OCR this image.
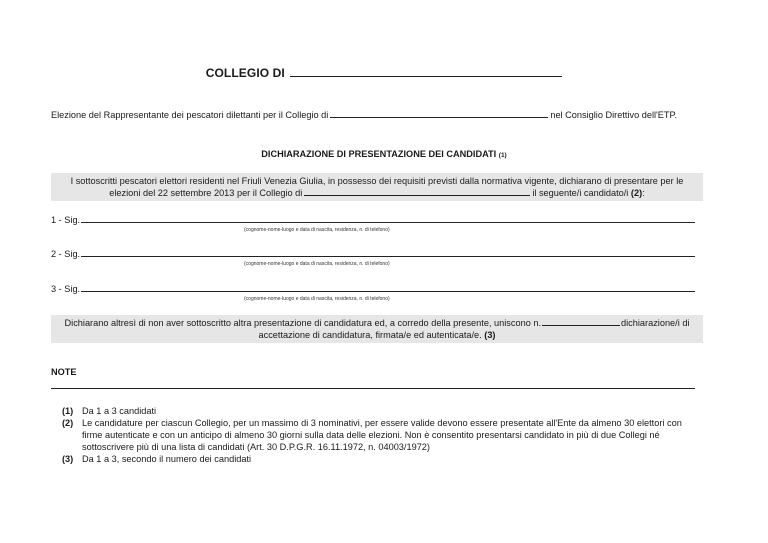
COLLEGIO DI
Elezione del Rappresentante dei pescatori dilettanti per il Collegio di	nel Consiglio Direttivo dell'ETP.
DICHIARAZIONE DI PRESENTAZIONE DEI CANDIDATI (1)
I sottoscritti pescatori elettori residenti nel Friuli Venezia Giulia, in possesso dei requisiti previsti dalla normativa vigente, dichiarano di presentare per le
elezioni del 22 settembre 2013 per il Collegio di	il seguente/i candidato/i (2):
1 - Sig.
(cognome-nome-luogo e data di nascita, residenza, n. di telefono)
2 - Sig.
(cognome-nome-luogo e data di nascita, residenza, n. di telefono)
3 - Sig.
(cognome-nome-luogo e data di nascita, residenza, n. di telefono)
Dichiarano altresì di non aver sottoscritto altra presentazione di candidatura ed, a corredo della presente, uniscono n.	dichiarazione/i di
accettazione di candidatura, firmata/e ed autenticata/e. (3)
NOTE
(1) Da 1 a 3 candidati
(2) Le candidature per ciascun Collegio, per un massimo di 3 nominativi, per essere valide devono essere presentate all'Ente da almeno 30 elettori con firme autenticate e con un anticipo di almeno 30 giorni sulla data delle elezioni. Non è consentito presentarsi candidato in più di due Collegi né sottoscrivere più di una lista di candidati (Art. 30 D.P.G.R. 16.11.1972, n. 04003/1972)
(3) Da 1 a 3, secondo il numero dei candidati
